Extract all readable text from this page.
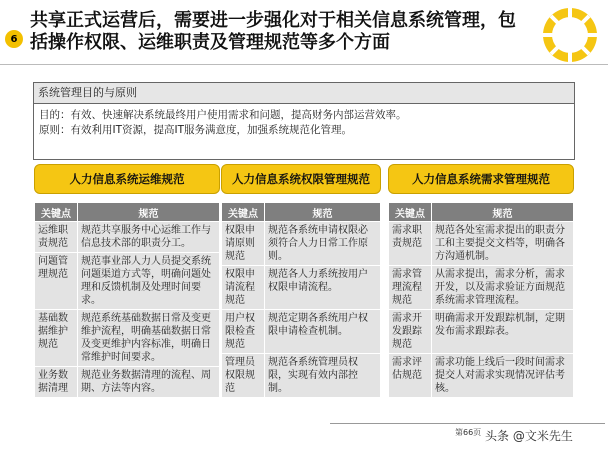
6
共享正式运营后，需要进一步强化对于相关信息系统管理，包括操作权限、运维职责及管理规范等多个方面
系统管理目的与原则
目的：有效、快速解决系统最终用户使用需求和问题，提高财务内部运营效率。
原则：有效利用IT资源，提高IT服务满意度，加强系统规范化管理。
人力信息系统运维规范
关键点	规范
运维职责规范	规范共享服务中心运维工作与信息技术部的职责分工。
问题管理规范	规范事业部人力人员提交系统问题渠道方式等，明确问题处理和反馈机制及处理时间要求。
基础数据维护规范	规范系统基础数据日常及变更维护流程，明确基础数据日常及变更维护内容标准，明确日常维护时间要求。
业务数据清理	规范业务数据清理的流程、周期、方法等内容。
人力信息系统权限管理规范
关键点	规范
权限申请原则规范	规范各系统申请权限必须符合人力日常工作原则。
权限申请流程规范	规范各人力系统按用户权限申请流程。
用户权限检查规范	规范定期各系统用户权限申请检查机制。
管理员权限规范	规范各系统管理员权限，实现有效内部控制。
人力信息系统需求管理规范
关键点	规范
需求职责规范	规范各处室需求提出的职责分工和主要提交文档等，明确各方沟通机制。
需求管理流程规范	从需求提出，需求分析，需求开发，以及需求验证方面规范系统需求管理流程。
需求开发跟踪规范	明确需求开发跟踪机制，定期发布需求跟踪表。
需求评估规范	需求功能上线后一段时间需求提交人对需求实现情况评估考核。
第66页 头条 @文米先生
